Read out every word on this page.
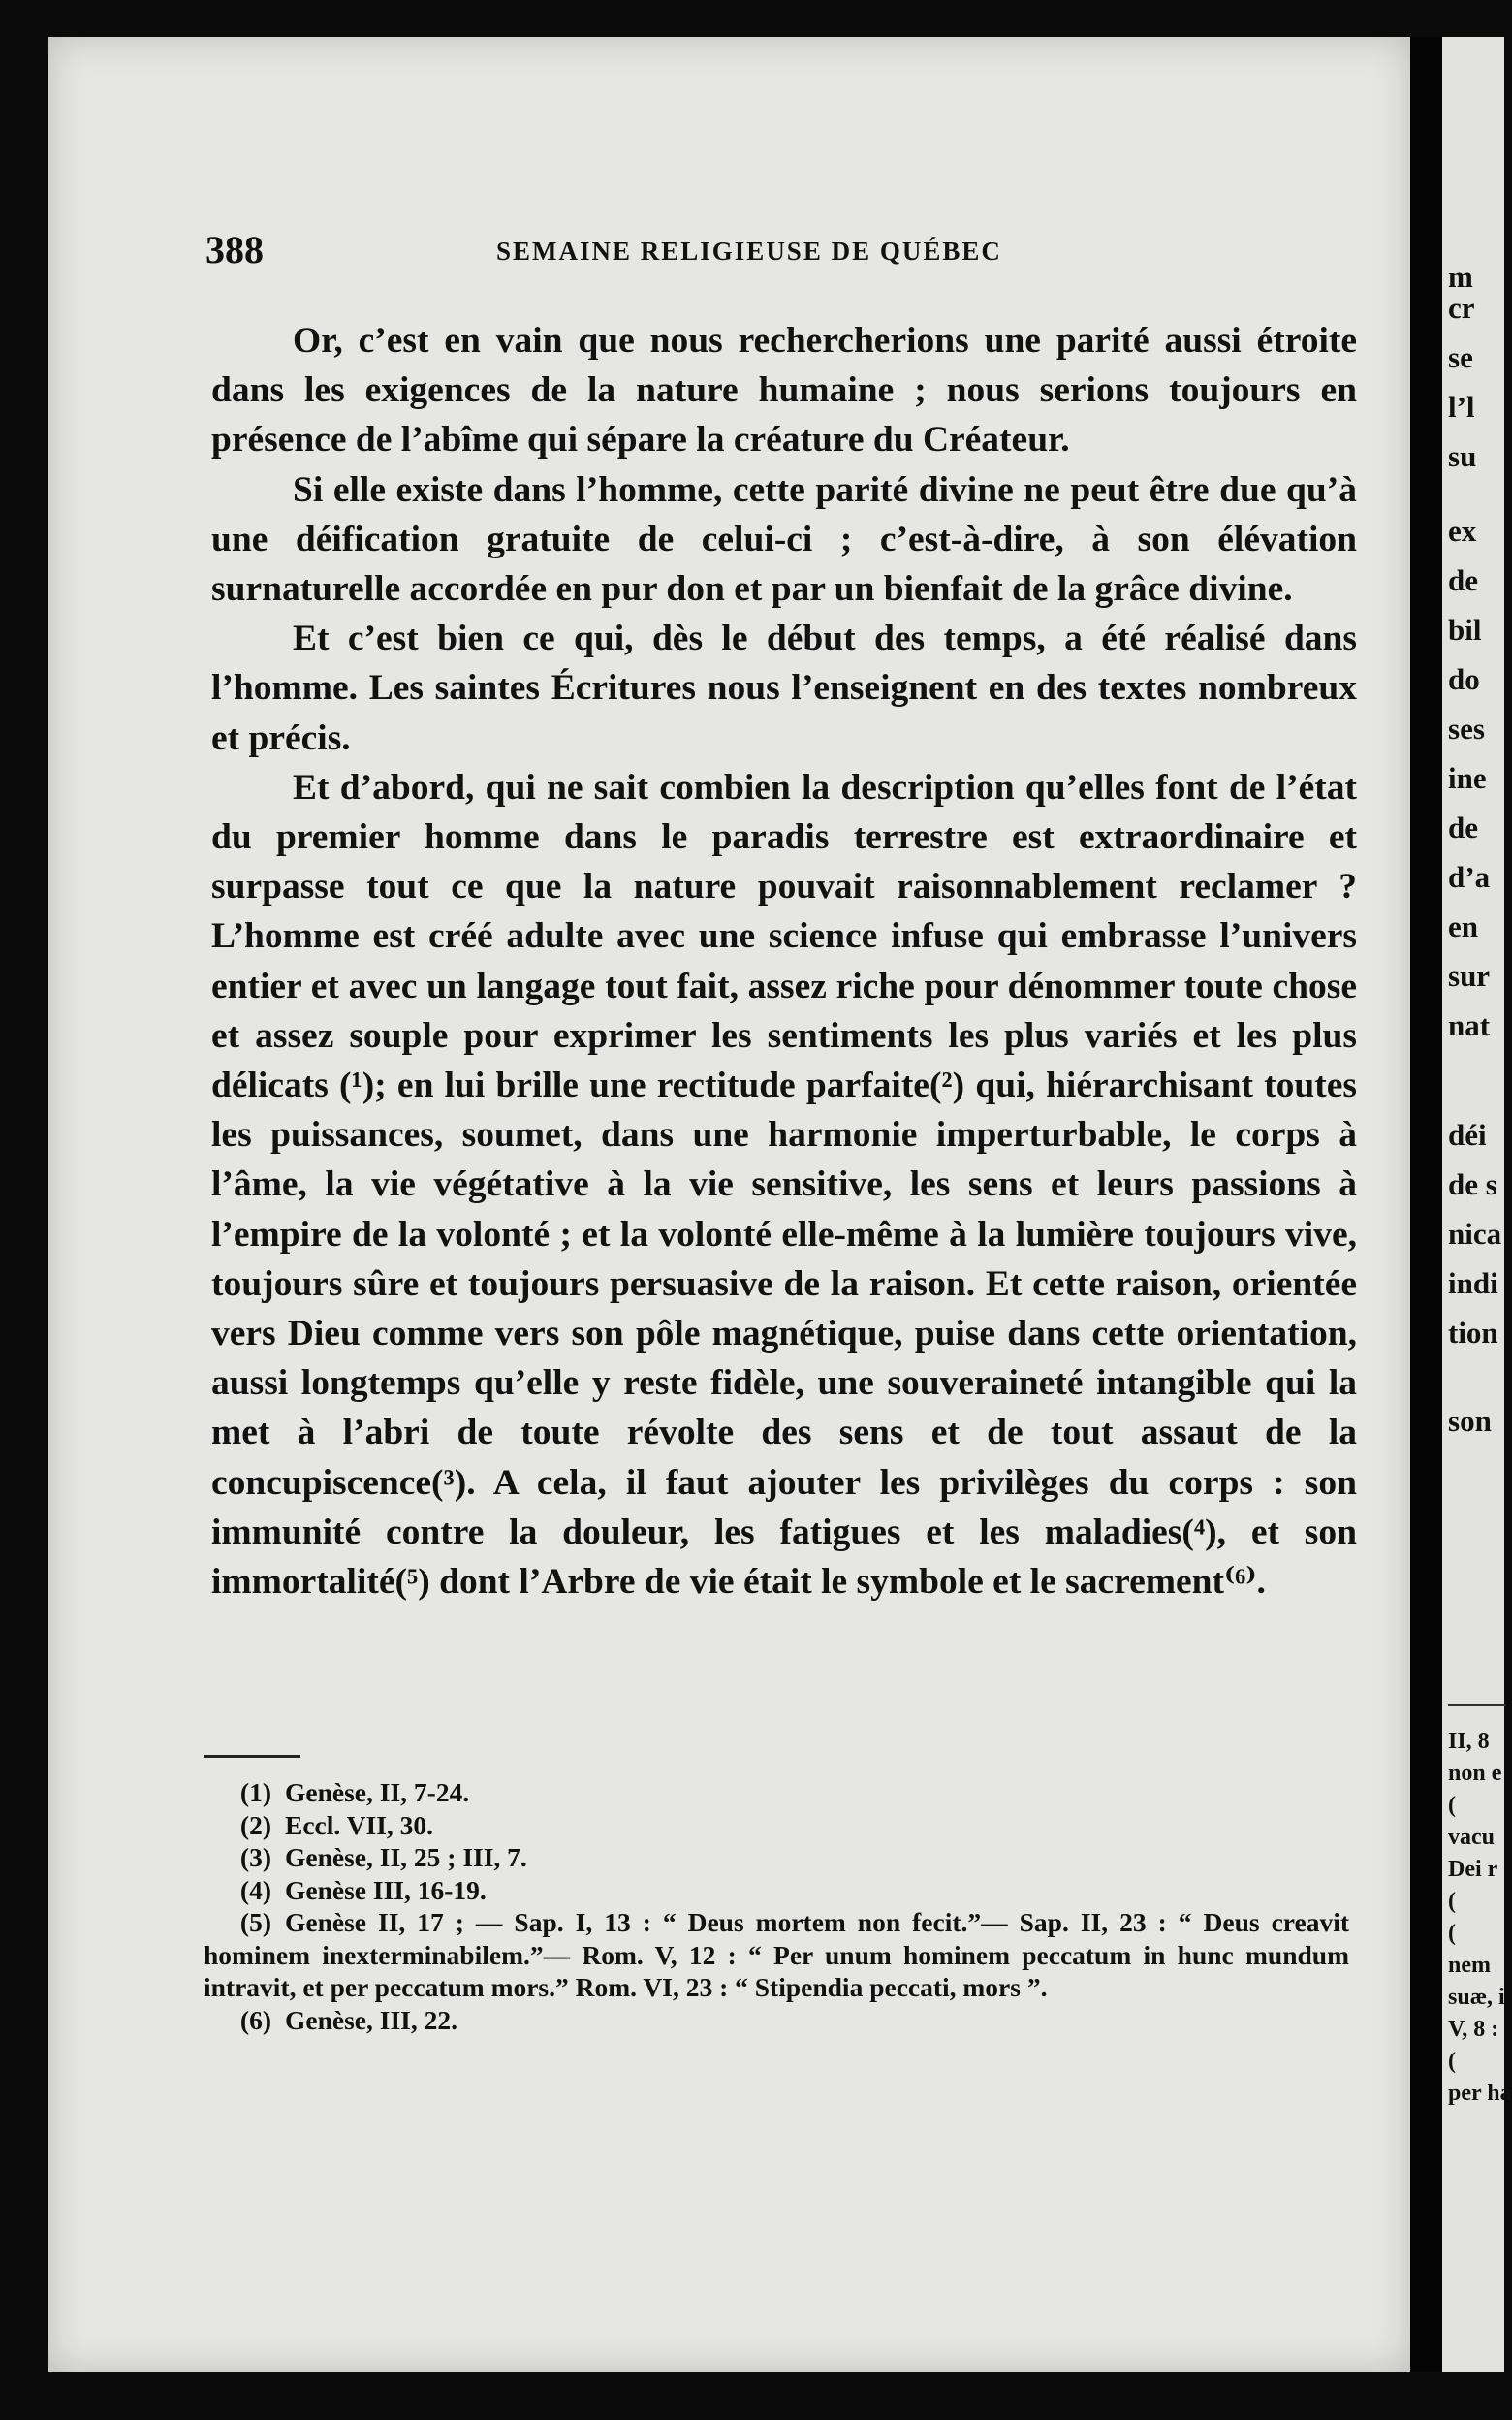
m
cr
se
l’l
su
ex
de
bil
do
ses
ine
de
d’a
en
sur
nat
déi
de s
nica
indi
tion
son
II, 8
non e
(
vacu
Dei r
(
(
nem
suæ, i
V, 8 :
(
per ha
388	SEMAINE RELIGIEUSE DE QUÉBEC

Or, c’est en vain que nous rechercherions une parité aussi étroite dans les exigences de la nature humaine ; nous serions toujours en présence de l’abîme qui sépare la créature du Créateur.

Si elle existe dans l’homme, cette parité divine ne peut être due qu’à une déification gratuite de celui-ci ; c’est-à-dire, à son élévation surnaturelle accordée en pur don et par un bienfait de la grâce divine.

Et c’est bien ce qui, dès le début des temps, a été réalisé dans l’homme. Les saintes Écritures nous l’enseignent en des textes nombreux et précis.

Et d’abord, qui ne sait combien la description qu’elles font de l’état du premier homme dans le paradis terrestre est extraordinaire et surpasse tout ce que la nature pouvait raisonnablement reclamer ? L’homme est créé adulte avec une science infuse qui embrasse l’univers entier et avec un langage tout fait, assez riche pour dénommer toute chose et assez souple pour exprimer les sentiments les plus variés et les plus délicats (¹); en lui brille une rectitude parfaite(²) qui, hiérarchisant toutes les puissances, soumet, dans une harmonie imperturbable, le corps à l’âme, la vie végétative à la vie sensitive, les sens et leurs passions à l’empire de la volonté ; et la volonté elle-même à la lumière toujours vive, toujours sûre et toujours persuasive de la raison. Et cette raison, orientée vers Dieu comme vers son pôle magnétique, puise dans cette orientation, aussi longtemps qu’elle y reste fidèle, une souveraineté intangible qui la met à l’abri de toute révolte des sens et de tout assaut de la concupiscence(³). A cela, il faut ajouter les privilèges du corps : son immunité contre la douleur, les fatigues et les maladies(⁴), et son immortalité(⁵) dont l’Arbre de vie était le symbole et le sacrement⁽⁶⁾.

(1) Genèse, II, 7-24.

(2) Eccl. VII, 30.

(3) Genèse, II, 25 ; III, 7.

(4) Genèse III, 16-19.

(5) Genèse II, 17 ; — Sap. I, 13 : “ Deus mortem non fecit.”— Sap. II, 23 : “ Deus creavit hominem inexterminabilem.”— Rom. V, 12 : “ Per unum hominem peccatum in hunc mundum intravit, et per peccatum mors.” Rom. VI, 23 : “ Stipendia peccati, mors ”.

(6) Genèse, III, 22.
